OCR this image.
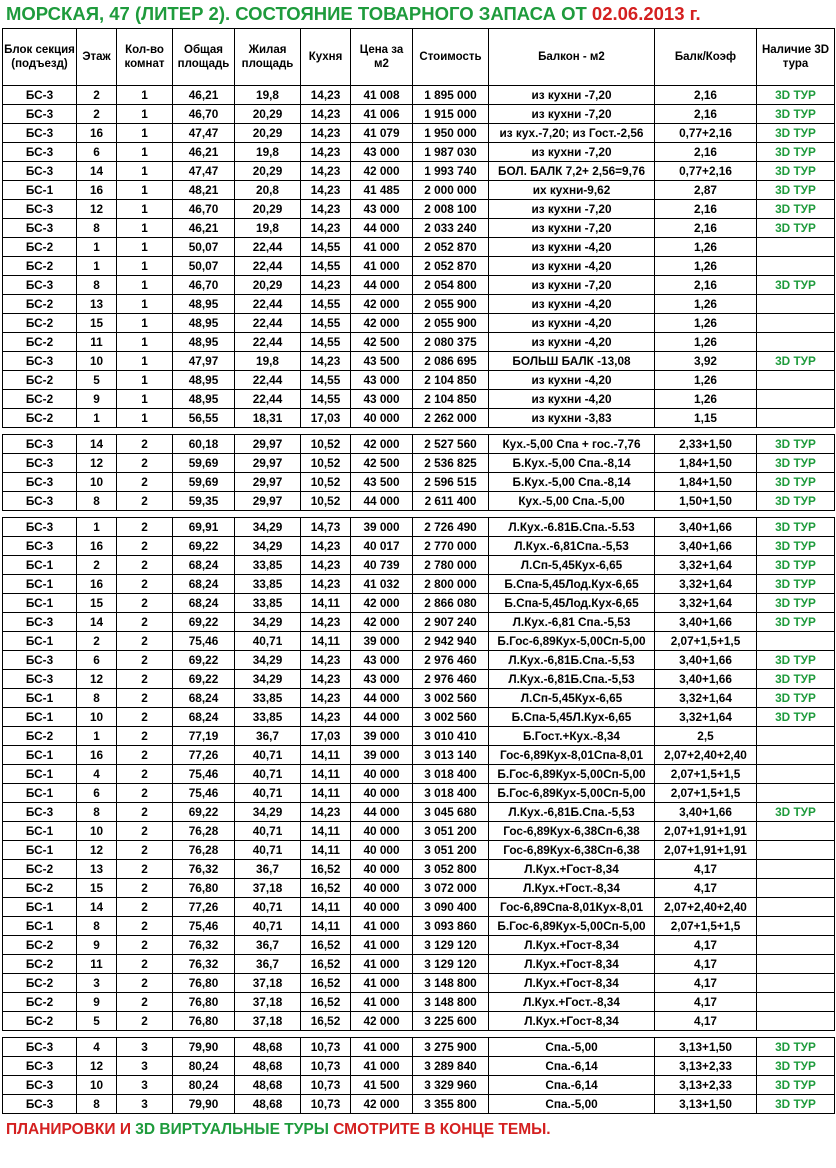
МОРСКАЯ, 47 (ЛИТЕР 2). СОСТОЯНИЕ ТОВАРНОГО ЗАПАСА ОТ 02.06.2013 г.
Блок секция (подъезд)	Этаж	Кол-во комнат	Общая площадь	Жилая площадь	Кухня	Цена за м2	Стоимость	Балкон - м2	Балк/Коэф	Наличие 3D тура
БС-3	2	1	46,21	19,8	14,23	41 008	1 895 000	из кухни -7,20	2,16	3D ТУР
БС-3	2	1	46,70	20,29	14,23	41 006	1 915 000	из кухни -7,20	2,16	3D ТУР
БС-3	16	1	47,47	20,29	14,23	41 079	1 950 000	из кух.-7,20; из Гост.-2,56	0,77+2,16	3D ТУР
БС-3	6	1	46,21	19,8	14,23	43 000	1 987 030	из кухни -7,20	2,16	3D ТУР
БС-3	14	1	47,47	20,29	14,23	42 000	1 993 740	БОЛ. БАЛК 7,2+ 2,56=9,76	0,77+2,16	3D ТУР
БС-1	16	1	48,21	20,8	14,23	41 485	2 000 000	их кухни-9,62	2,87	3D ТУР
БС-3	12	1	46,70	20,29	14,23	43 000	2 008 100	из кухни -7,20	2,16	3D ТУР
БС-3	8	1	46,21	19,8	14,23	44 000	2 033 240	из кухни -7,20	2,16	3D ТУР
БС-2	1	1	50,07	22,44	14,55	41 000	2 052 870	из кухни -4,20	1,26	
БС-2	1	1	50,07	22,44	14,55	41 000	2 052 870	из кухни -4,20	1,26	
БС-3	8	1	46,70	20,29	14,23	44 000	2 054 800	из кухни -7,20	2,16	3D ТУР
БС-2	13	1	48,95	22,44	14,55	42 000	2 055 900	из кухни -4,20	1,26	
БС-2	15	1	48,95	22,44	14,55	42 000	2 055 900	из кухни -4,20	1,26	
БС-2	11	1	48,95	22,44	14,55	42 500	2 080 375	из кухни -4,20	1,26	
БС-3	10	1	47,97	19,8	14,23	43 500	2 086 695	БОЛЬШ БАЛК -13,08	3,92	3D ТУР
БС-2	5	1	48,95	22,44	14,55	43 000	2 104 850	из кухни -4,20	1,26	
БС-2	9	1	48,95	22,44	14,55	43 000	2 104 850	из кухни -4,20	1,26	
БС-2	1	1	56,55	18,31	17,03	40 000	2 262 000	из кухни -3,83	1,15	

БС-3	14	2	60,18	29,97	10,52	42 000	2 527 560	Кух.-5,00 Спа + гос.-7,76	2,33+1,50	3D ТУР
БС-3	12	2	59,69	29,97	10,52	42 500	2 536 825	Б.Кух.-5,00 Спа.-8,14	1,84+1,50	3D ТУР
БС-3	10	2	59,69	29,97	10,52	43 500	2 596 515	Б.Кух.-5,00 Спа.-8,14	1,84+1,50	3D ТУР
БС-3	8	2	59,35	29,97	10,52	44 000	2 611 400	Кух.-5,00 Спа.-5,00	1,50+1,50	3D ТУР

БС-3	1	2	69,91	34,29	14,73	39 000	2 726 490	Л.Кух.-6.81Б.Спа.-5.53	3,40+1,66	3D ТУР
БС-3	16	2	69,22	34,29	14,23	40 017	2 770 000	Л.Кух.-6,81Спа.-5,53	3,40+1,66	3D ТУР
БС-1	2	2	68,24	33,85	14,23	40 739	2 780 000	Л.Сп-5,45Кух-6,65	3,32+1,64	3D ТУР
БС-1	16	2	68,24	33,85	14,23	41 032	2 800 000	Б.Спа-5,45Лод.Кух-6,65	3,32+1,64	3D ТУР
БС-1	15	2	68,24	33,85	14,11	42 000	2 866 080	Б.Спа-5,45Лод.Кух-6,65	3,32+1,64	3D ТУР
БС-3	14	2	69,22	34,29	14,23	42 000	2 907 240	Л.Кух.-6,81 Спа.-5,53	3,40+1,66	3D ТУР
БС-1	2	2	75,46	40,71	14,11	39 000	2 942 940	Б.Гос-6,89Кух-5,00Сп-5,00	2,07+1,5+1,5	
БС-3	6	2	69,22	34,29	14,23	43 000	2 976 460	Л.Кух.-6,81Б.Спа.-5,53	3,40+1,66	3D ТУР
БС-3	12	2	69,22	34,29	14,23	43 000	2 976 460	Л.Кух.-6,81Б.Спа.-5,53	3,40+1,66	3D ТУР
БС-1	8	2	68,24	33,85	14,23	44 000	3 002 560	Л.Сп-5,45Кух-6,65	3,32+1,64	3D ТУР
БС-1	10	2	68,24	33,85	14,23	44 000	3 002 560	Б.Спа-5,45Л.Кух-6,65	3,32+1,64	3D ТУР
БС-2	1	2	77,19	36,7	17,03	39 000	3 010 410	Б.Гост.+Кух.-8,34	2,5	
БС-1	16	2	77,26	40,71	14,11	39 000	3 013 140	Гос-6,89Кух-8,01Спа-8,01	2,07+2,40+2,40	
БС-1	4	2	75,46	40,71	14,11	40 000	3 018 400	Б.Гос-6,89Кух-5,00Сп-5,00	2,07+1,5+1,5	
БС-1	6	2	75,46	40,71	14,11	40 000	3 018 400	Б.Гос-6,89Кух-5,00Сп-5,00	2,07+1,5+1,5	
БС-3	8	2	69,22	34,29	14,23	44 000	3 045 680	Л.Кух.-6,81Б.Спа.-5,53	3,40+1,66	3D ТУР
БС-1	10	2	76,28	40,71	14,11	40 000	3 051 200	Гос-6,89Кух-6,38Сп-6,38	2,07+1,91+1,91	
БС-1	12	2	76,28	40,71	14,11	40 000	3 051 200	Гос-6,89Кух-6,38Сп-6,38	2,07+1,91+1,91	
БС-2	13	2	76,32	36,7	16,52	40 000	3 052 800	Л.Кух.+Гост-8,34	4,17	
БС-2	15	2	76,80	37,18	16,52	40 000	3 072 000	Л.Кух.+Гост.-8,34	4,17	
БС-1	14	2	77,26	40,71	14,11	40 000	3 090 400	Гос-6,89Спа-8,01Кух-8,01	2,07+2,40+2,40	
БС-1	8	2	75,46	40,71	14,11	41 000	3 093 860	Б.Гос-6,89Кух-5,00Сп-5,00	2,07+1,5+1,5	
БС-2	9	2	76,32	36,7	16,52	41 000	3 129 120	Л.Кух.+Гост-8,34	4,17	
БС-2	11	2	76,32	36,7	16,52	41 000	3 129 120	Л.Кух.+Гост-8,34	4,17	
БС-2	3	2	76,80	37,18	16,52	41 000	3 148 800	Л.Кух.+Гост-8,34	4,17	
БС-2	9	2	76,80	37,18	16,52	41 000	3 148 800	Л.Кух.+Гост.-8,34	4,17	
БС-2	5	2	76,80	37,18	16,52	42 000	3 225 600	Л.Кух.+Гост-8,34	4,17	

БС-3	4	3	79,90	48,68	10,73	41 000	3 275 900	Спа.-5,00	3,13+1,50	3D ТУР
БС-3	12	3	80,24	48,68	10,73	41 000	3 289 840	Спа.-6,14	3,13+2,33	3D ТУР
БС-3	10	3	80,24	48,68	10,73	41 500	3 329 960	Спа.-6,14	3,13+2,33	3D ТУР
БС-3	8	3	79,90	48,68	10,73	42 000	3 355 800	Спа.-5,00	3,13+1,50	3D ТУР
ПЛАНИРОВКИ И 3D ВИРТУАЛЬНЫЕ ТУРЫ СМОТРИТЕ В КОНЦЕ ТЕМЫ.
